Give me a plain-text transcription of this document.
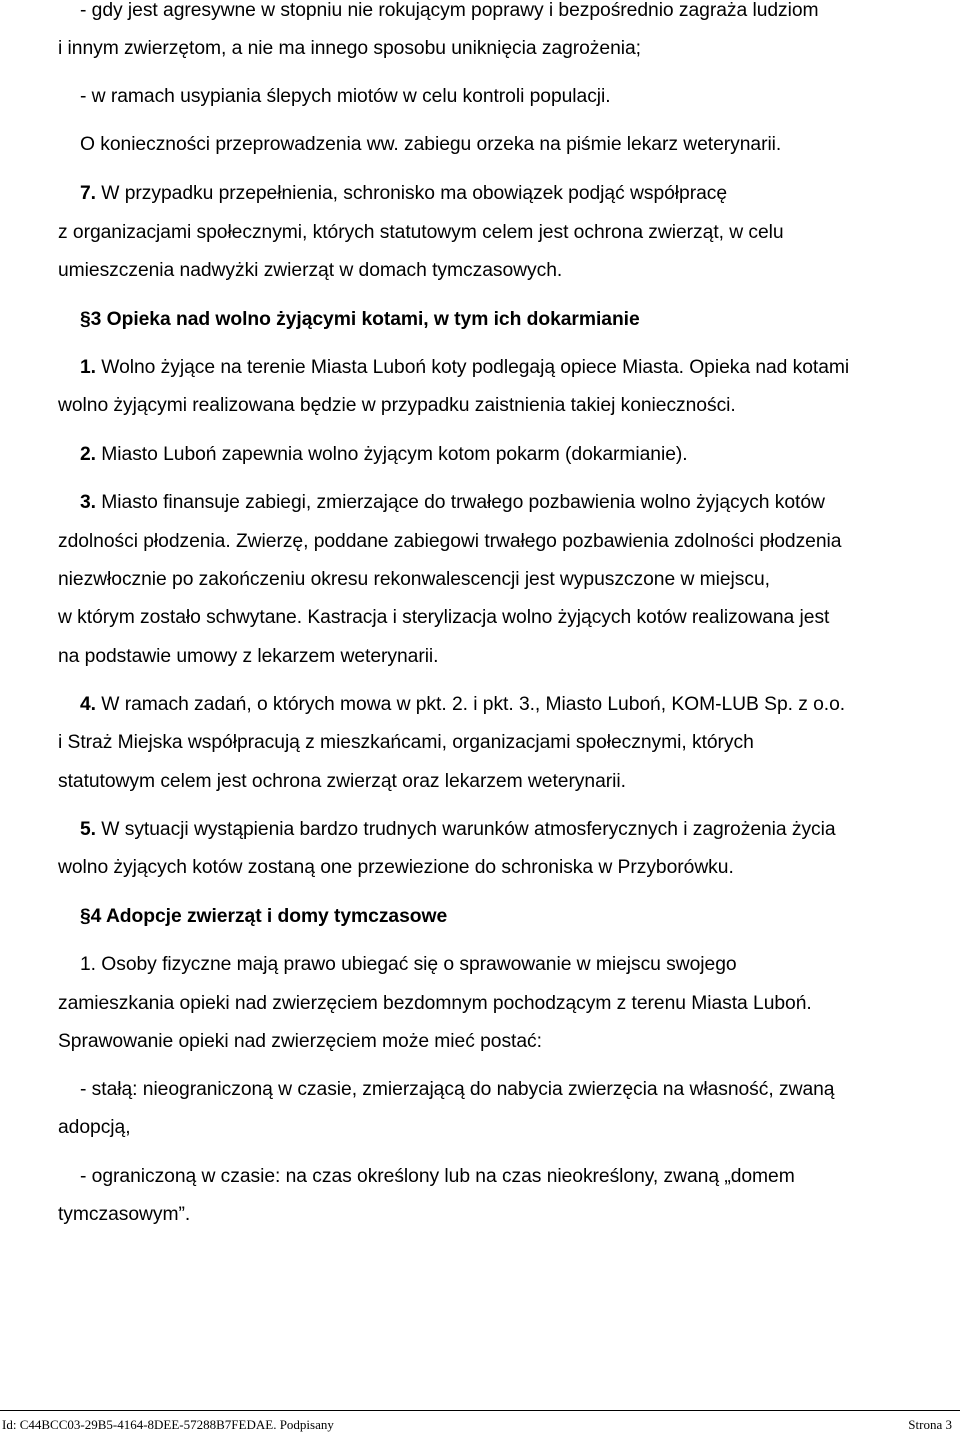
- gdy jest agresywne w stopniu nie rokującym poprawy i bezpośrednio zagraża ludziom
i innym zwierzętom, a nie ma innego sposobu uniknięcia zagrożenia;
- w ramach usypiania ślepych miotów w celu kontroli populacji.
O konieczności przeprowadzenia ww. zabiegu orzeka na piśmie lekarz weterynarii.
7. W przypadku przepełnienia, schronisko ma obowiązek podjąć współpracę
z organizacjami społecznymi, których statutowym celem jest ochrona zwierząt, w celu
umieszczenia nadwyżki zwierząt w domach tymczasowych.
§3 Opieka nad wolno żyjącymi kotami, w tym ich dokarmianie
1. Wolno żyjące na terenie Miasta Luboń koty podlegają opiece Miasta. Opieka nad kotami
wolno żyjącymi realizowana będzie w przypadku zaistnienia takiej konieczności.
2. Miasto Luboń zapewnia wolno żyjącym kotom pokarm (dokarmianie).
3. Miasto finansuje zabiegi, zmierzające do trwałego pozbawienia wolno żyjących kotów
zdolności płodzenia. Zwierzę, poddane zabiegowi trwałego pozbawienia zdolności płodzenia
niezwłocznie po zakończeniu okresu rekonwalescencji jest wypuszczone w miejscu,
w którym zostało schwytane. Kastracja i sterylizacja wolno żyjących kotów realizowana jest
na podstawie umowy z lekarzem weterynarii.
4. W ramach zadań, o których mowa w pkt. 2. i pkt. 3., Miasto Luboń, KOM-LUB Sp. z o.o.
i Straż Miejska współpracują z mieszkańcami, organizacjami społecznymi, których
statutowym celem jest ochrona zwierząt oraz lekarzem weterynarii.
5. W sytuacji wystąpienia bardzo trudnych warunków atmosferycznych i zagrożenia życia
wolno żyjących kotów zostaną one przewiezione do schroniska w Przyborówku.
§4 Adopcje zwierząt i domy tymczasowe
1. Osoby fizyczne mają prawo ubiegać się o sprawowanie w miejscu swojego
zamieszkania opieki nad zwierzęciem bezdomnym pochodzącym z terenu Miasta Luboń.
Sprawowanie opieki nad zwierzęciem może mieć postać:
- stałą: nieograniczoną w czasie, zmierzającą do nabycia zwierzęcia na własność, zwaną
adopcją,
- ograniczoną w czasie: na czas określony lub na czas nieokreślony, zwaną „domem
tymczasowym”.
Id: C44BCC03-29B5-4164-8DEE-57288B7FEDAE. Podpisany	Strona 3
